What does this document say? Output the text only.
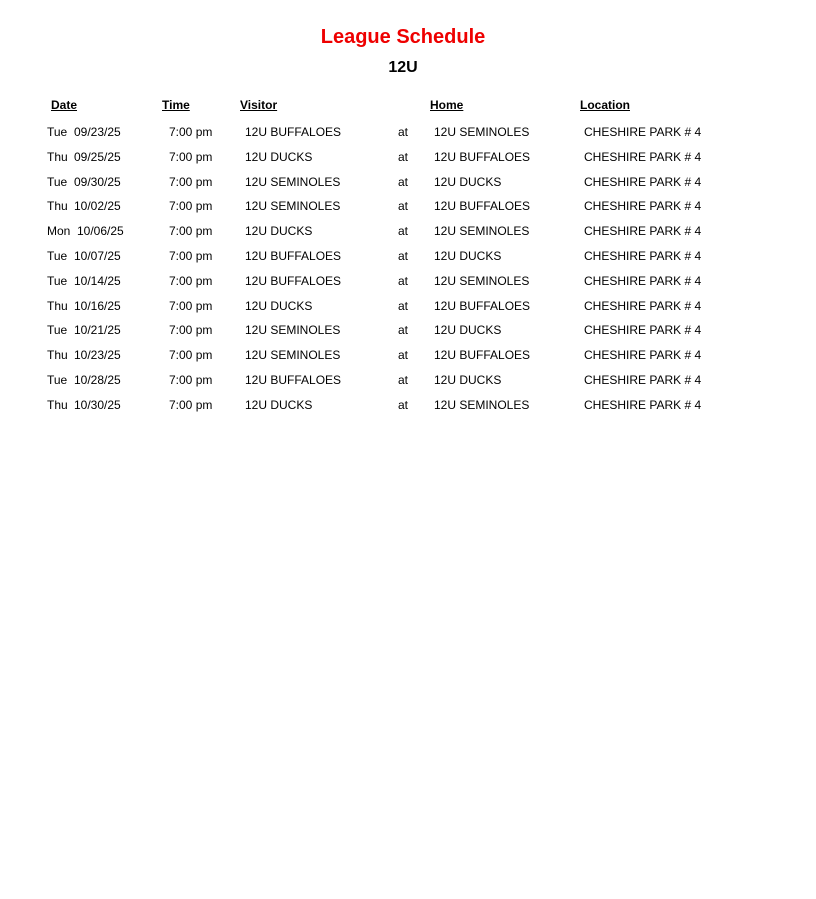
League Schedule
12U
Date	Time	Visitor	Home	Location
Tue 09/23/25	7:00 pm	12U BUFFALOES	at 12U SEMINOLES	CHESHIRE PARK # 4
Thu 09/25/25	7:00 pm	12U DUCKS	at 12U BUFFALOES	CHESHIRE PARK # 4
Tue 09/30/25	7:00 pm	12U SEMINOLES	at 12U DUCKS	CHESHIRE PARK # 4
Thu 10/02/25	7:00 pm	12U SEMINOLES	at 12U BUFFALOES	CHESHIRE PARK # 4
Mon 10/06/25	7:00 pm	12U DUCKS	at 12U SEMINOLES	CHESHIRE PARK # 4
Tue 10/07/25	7:00 pm	12U BUFFALOES	at 12U DUCKS	CHESHIRE PARK # 4
Tue 10/14/25	7:00 pm	12U BUFFALOES	at 12U SEMINOLES	CHESHIRE PARK # 4
Thu 10/16/25	7:00 pm	12U DUCKS	at 12U BUFFALOES	CHESHIRE PARK # 4
Tue 10/21/25	7:00 pm	12U SEMINOLES	at 12U DUCKS	CHESHIRE PARK # 4
Thu 10/23/25	7:00 pm	12U SEMINOLES	at 12U BUFFALOES	CHESHIRE PARK # 4
Tue 10/28/25	7:00 pm	12U BUFFALOES	at 12U DUCKS	CHESHIRE PARK # 4
Thu 10/30/25	7:00 pm	12U DUCKS	at 12U SEMINOLES	CHESHIRE PARK # 4
